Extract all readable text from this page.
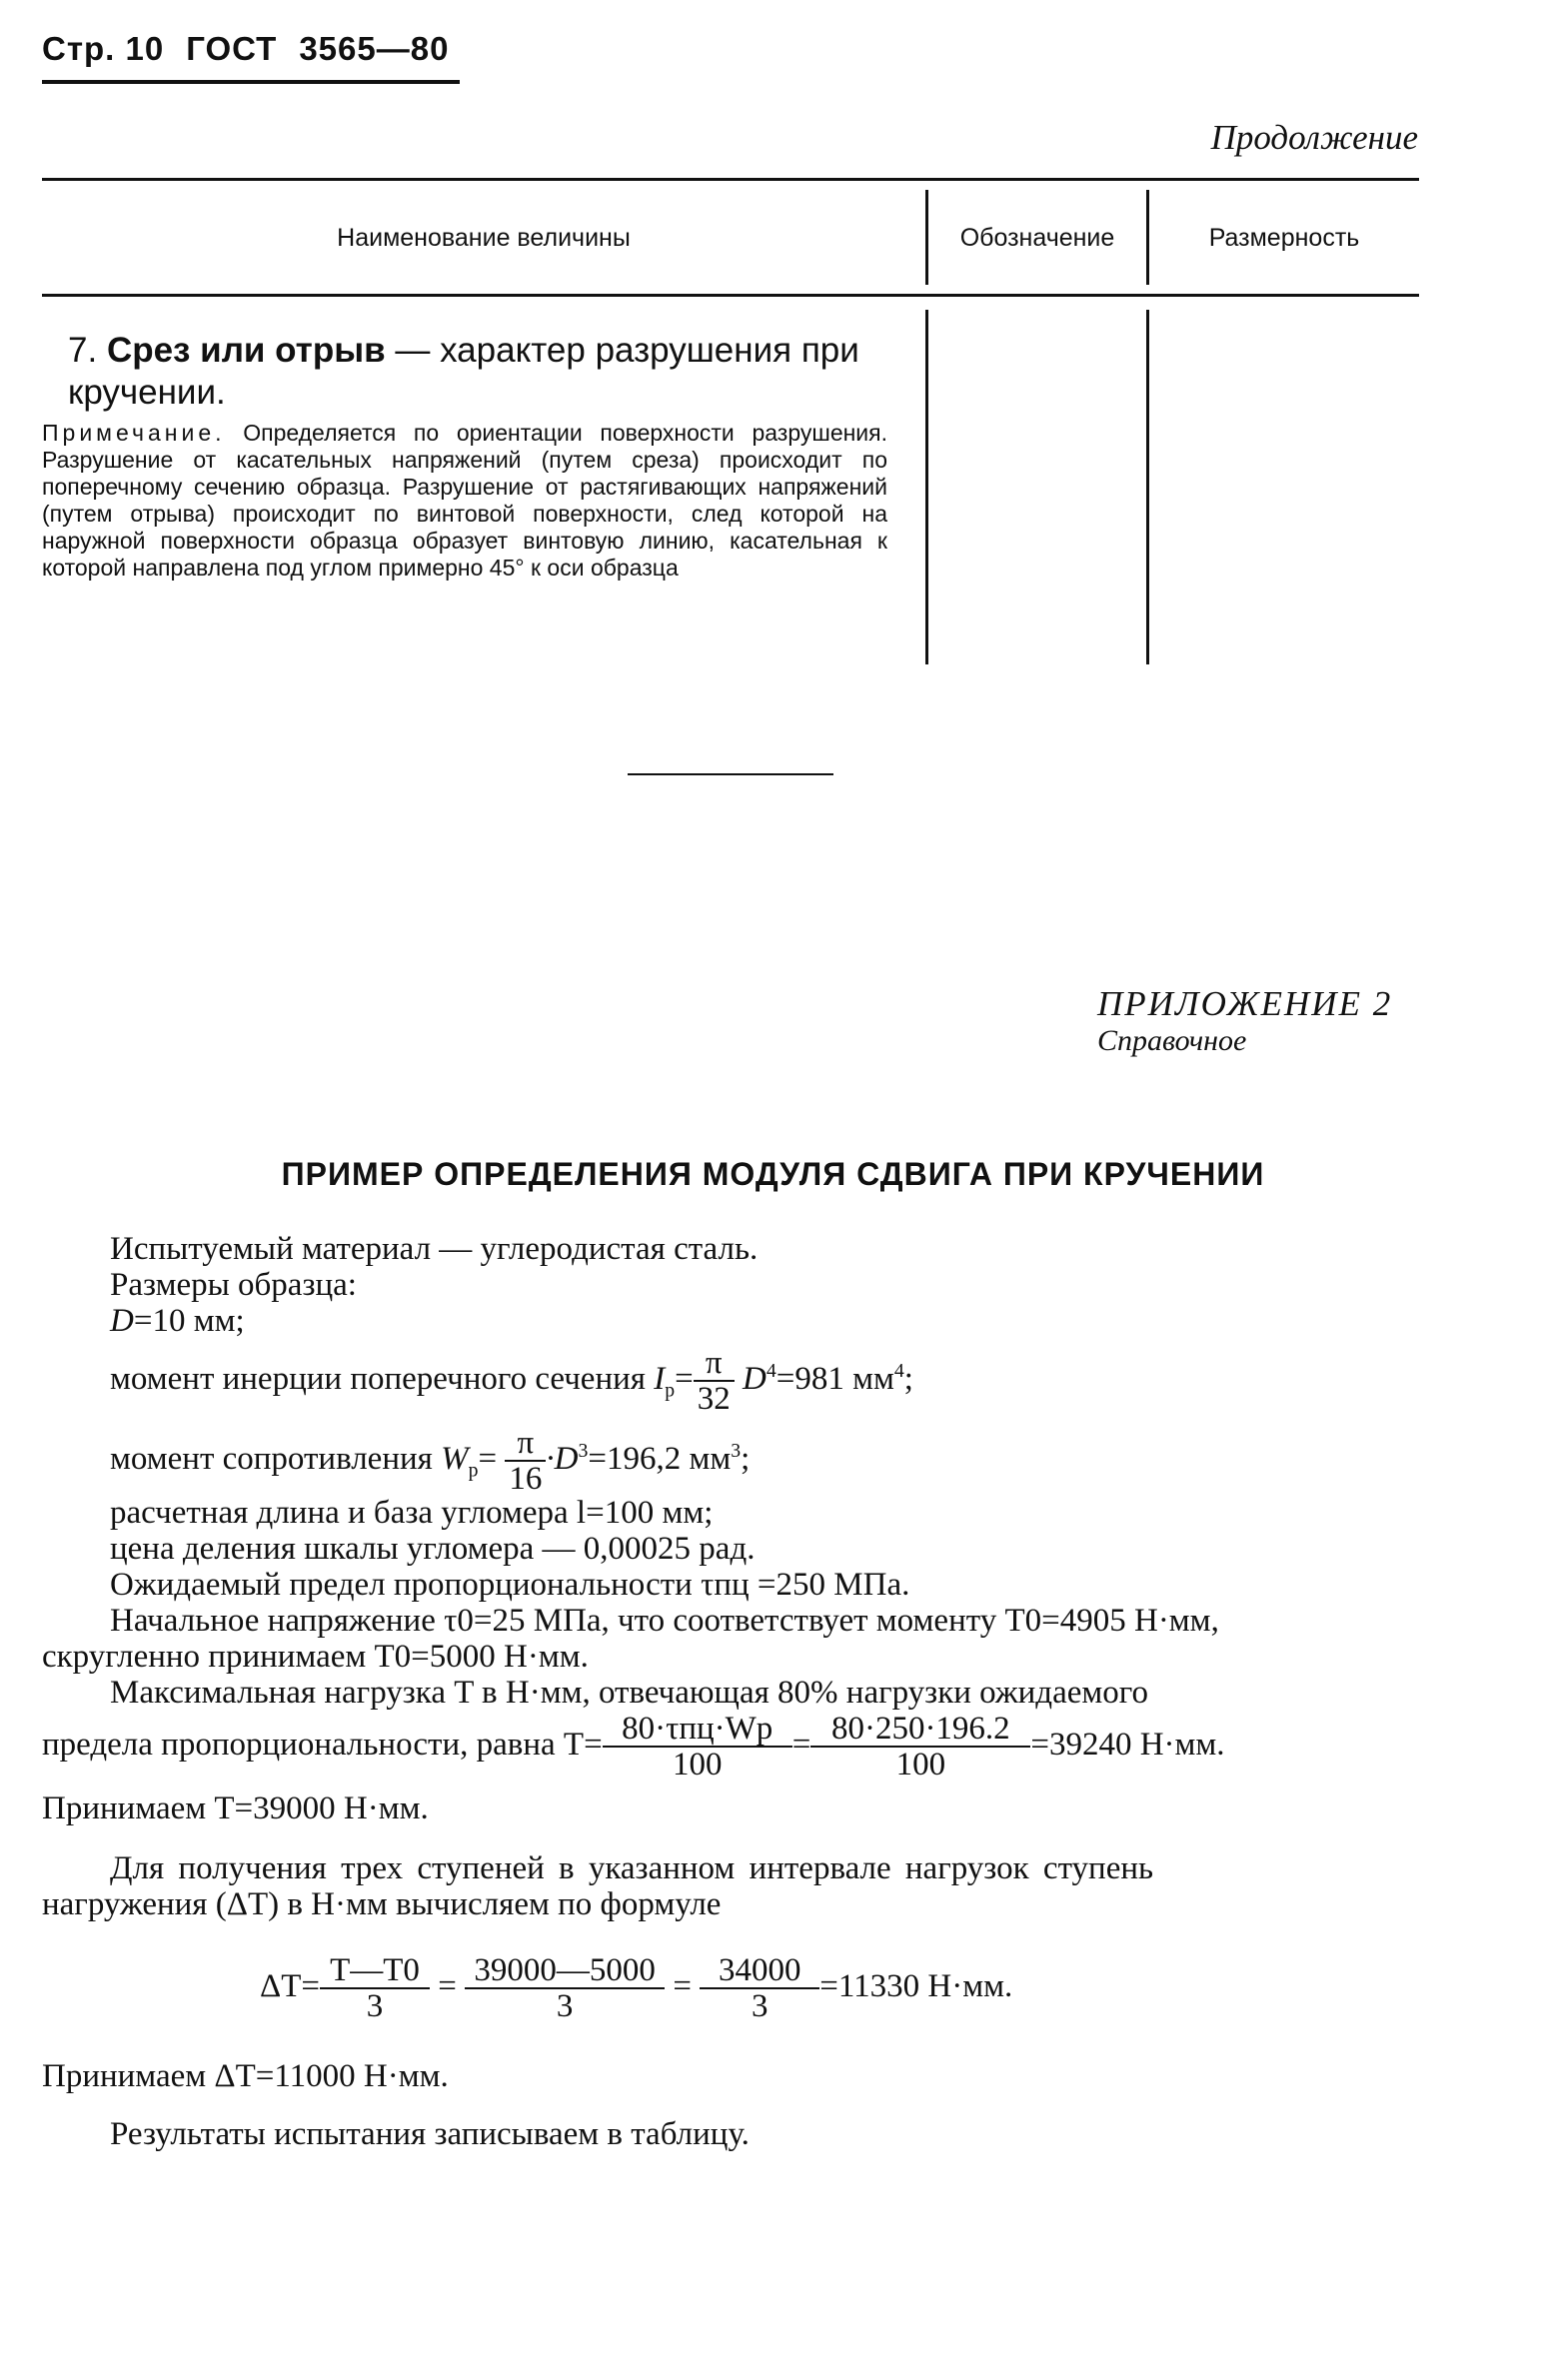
Стр. 10 ГОСТ 3565—80
Продолжение
Наименование величины	Обозначение	Размерность
7. Срез или отрыв — характер разрушения при кручении.
Примечание. Определяется по ориентации поверхности разрушения. Разрушение от касательных напряжений (путем среза) происходит по поперечному сечению образца. Разрушение от растягивающих напряжений (путем отрыва) происходит по винтовой поверхности, след которой на наружной поверхности образца образует винтовую линию, касательная к которой направлена под углом примерно 45° к оси образца
ПРИЛОЖЕНИЕ 2
Справочное
ПРИМЕР ОПРЕДЕЛЕНИЯ МОДУЛЯ СДВИГА ПРИ КРУЧЕНИИ
Испытуемый материал — углеродистая сталь.
Размеры образца:
D=10 мм;
момент инерции поперечного сечения $I_p= \frac{\pi}{32} D^4=981$ $мм^4$;
момент сопротивления $W_p= \frac{\pi}{16} \cdot D^3=196,2$ $мм^3$;
расчетная длина и база угломера l=100 мм;
цена деления шкалы угломера — 0,00025 рад.
Ожидаемый предел пропорциональности τпц =250 МПа.
Начальное напряжение τ0=25 МПа, что соответствует моменту T0=4905 Н·мм,
скругленно принимаем T0=5000 Н·мм.
Максимальная нагрузка T в Н·мм, отвечающая 80% нагрузки ожидаемого
предела пропорциональности, равна $T= \frac{\text{80·τпц·Wp}}{100} = \frac{80\cdot 250\cdot 196.2}{100} =39240$ Н·мм.
Принимаем T=39000 Н·мм.
Для получения трех ступеней в указанном интервале нагрузок ступень
нагружения (ΔT) в Н·мм вычисляем по формуле
$\Delta T= \frac{T—T0}{3} = \frac{39000—5000}{3} = \frac{34000}{3} =11330$ Н·мм.
Принимаем ΔT=11000 Н·мм.
Результаты испытания записываем в таблицу.
